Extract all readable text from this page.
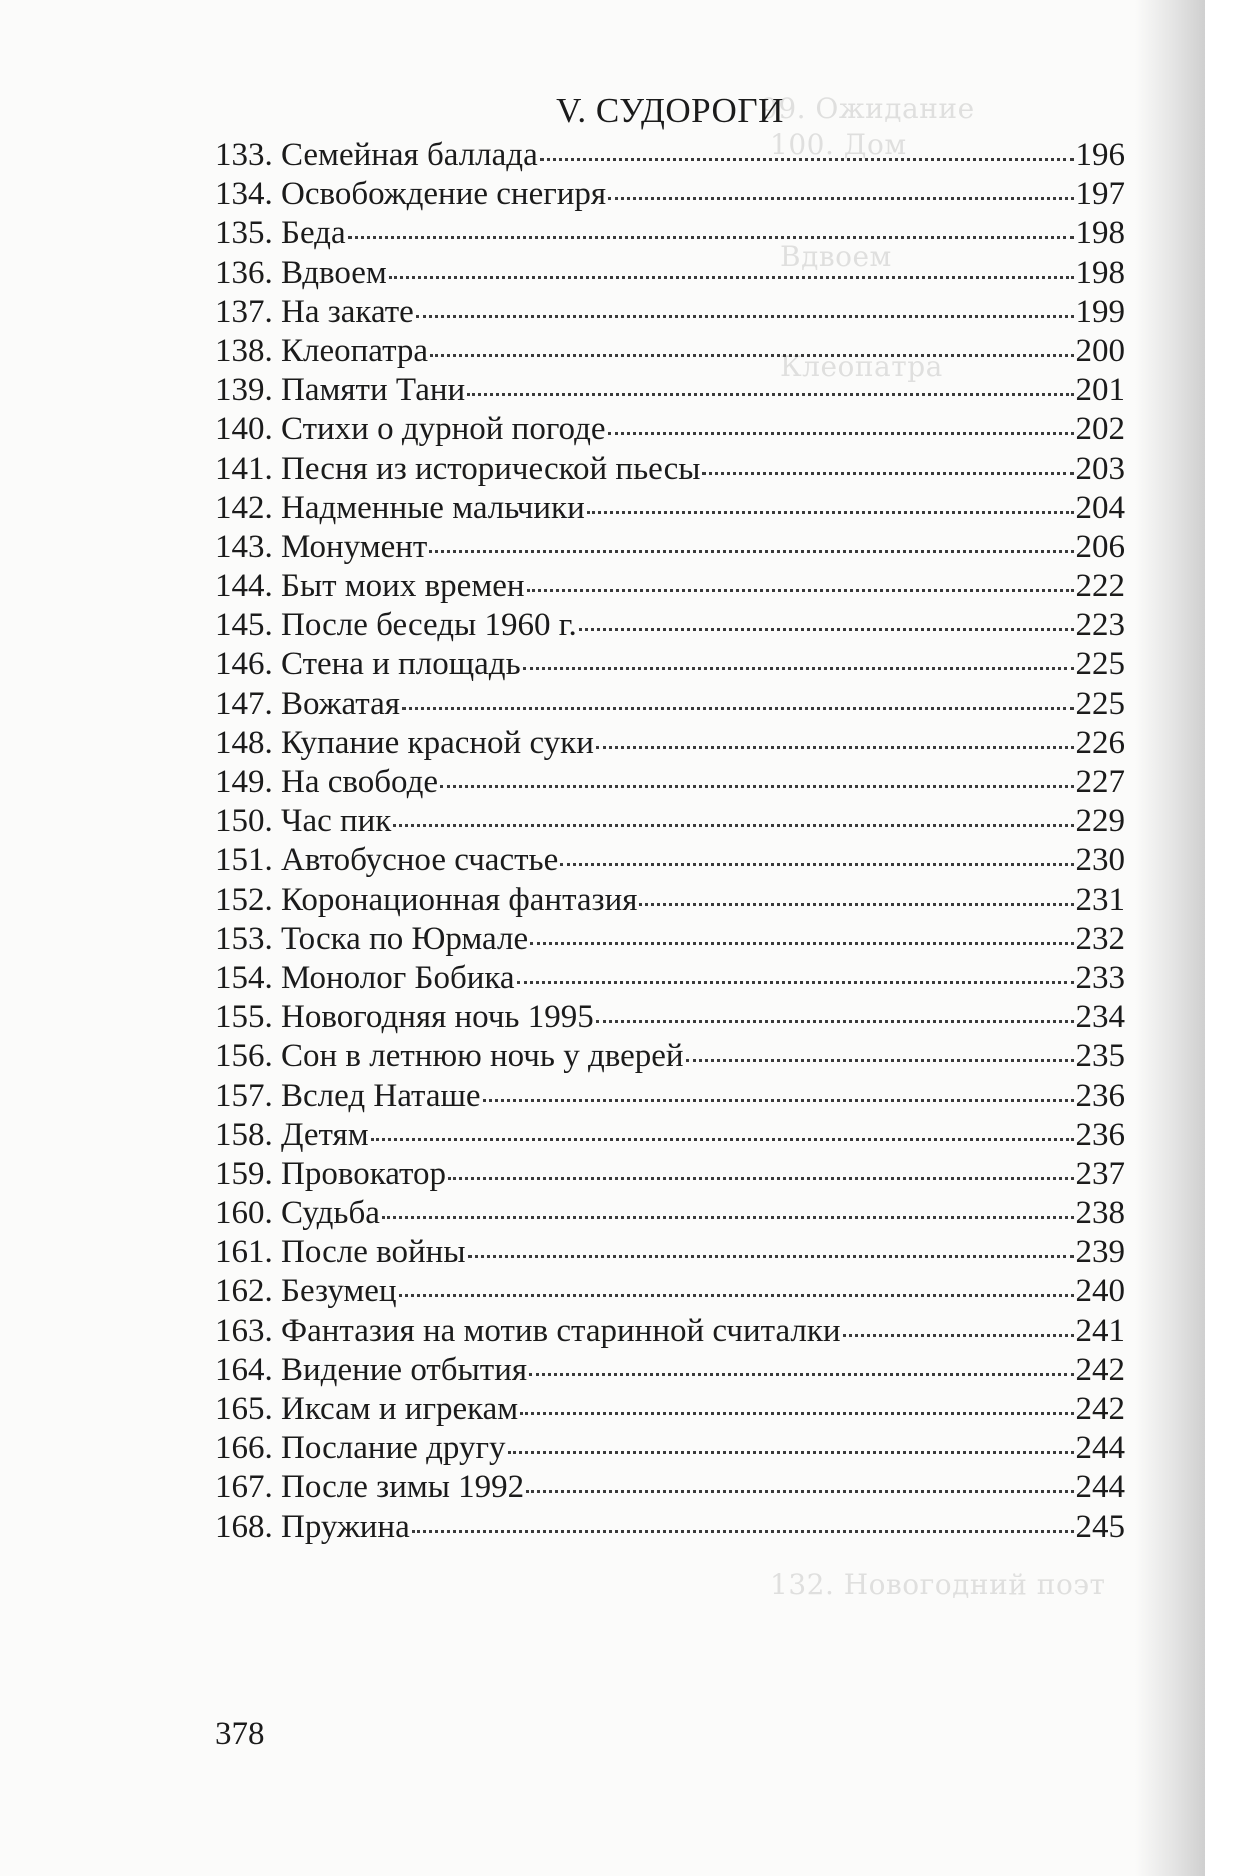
99. Ожидание
100. Дом
Вдвоем
Клеопатра
132. Новогодний поэт
V. СУДОРОГИ
133. Семейная баллада	196
134. Освобождение снегиря	197
135. Беда	198
136. Вдвоем	198
137. На закате	199
138. Клеопатра	200
139. Памяти Тани	201
140. Стихи о дурной погоде	202
141. Песня из исторической пьесы	203
142. Надменные мальчики	204
143. Монумент	206
144. Быт моих времен	222
145. После беседы 1960 г.	223
146. Стена и площадь	225
147. Вожатая	225
148. Купание красной суки	226
149. На свободе	227
150. Час пик	229
151. Автобусное счастье	230
152. Коронационная фантазия	231
153. Тоска по Юрмале	232
154. Монолог Бобика	233
155. Новогодняя ночь 1995	234
156. Сон в летнюю ночь у дверей	235
157. Вслед Наташе	236
158. Детям	236
159. Провокатор	237
160. Судьба	238
161. После войны	239
162. Безумец	240
163. Фантазия на мотив старинной считалки	241
164. Видение отбытия	242
165. Иксам и игрекам	242
166. Послание другу	244
167. После зимы 1992	244
168. Пружина	245
378
